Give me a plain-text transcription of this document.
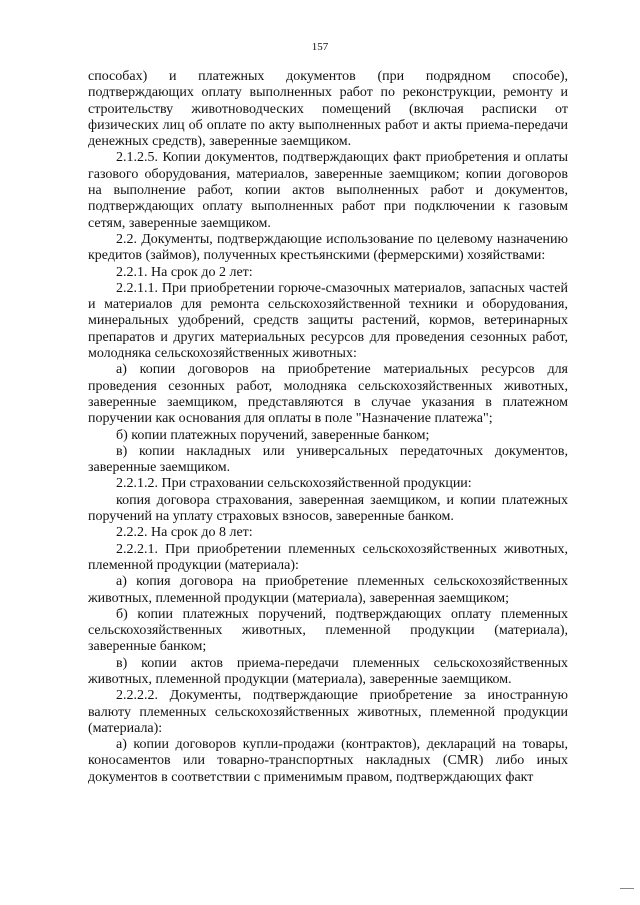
157

способах) и платежных документов (при подрядном способе), подтверждающих оплату выполненных работ по реконструкции, ремонту и строительству животноводческих помещений (включая расписки от физических лиц об оплате по акту выполненных работ и акты приема-передачи денежных средств), заверенные заемщиком.

2.1.2.5. Копии документов, подтверждающих факт приобретения и оплаты газового оборудования, материалов, заверенные заемщиком; копии договоров на выполнение работ, копии актов выполненных работ и документов, подтверждающих оплату выполненных работ при подключении к газовым сетям, заверенные заемщиком.

2.2. Документы, подтверждающие использование по целевому назначению кредитов (займов), полученных крестьянскими (фермерскими) хозяйствами:

2.2.1. На срок до 2 лет:

2.2.1.1. При приобретении горюче-смазочных материалов, запасных частей и материалов для ремонта сельскохозяйственной техники и оборудования, минеральных удобрений, средств защиты растений, кормов, ветеринарных препаратов и других материальных ресурсов для проведения сезонных работ, молодняка сельскохозяйственных животных:

а) копии договоров на приобретение материальных ресурсов для проведения сезонных работ, молодняка сельскохозяйственных животных, заверенные заемщиком, представляются в случае указания в платежном поручении как основания для оплаты в поле "Назначение платежа";

б) копии платежных поручений, заверенные банком;

в) копии накладных или универсальных передаточных документов, заверенные заемщиком.

2.2.1.2. При страховании сельскохозяйственной продукции:

копия договора страхования, заверенная заемщиком, и копии платежных поручений на уплату страховых взносов, заверенные банком.

2.2.2. На срок до 8 лет:

2.2.2.1. При приобретении племенных сельскохозяйственных животных, племенной продукции (материала):

а) копия договора на приобретение племенных сельскохозяйственных животных, племенной продукции (материала), заверенная заемщиком;

б) копии платежных поручений, подтверждающих оплату племенных сельскохозяйственных животных, племенной продукции (материала), заверенные банком;

в) копии актов приема-передачи племенных сельскохозяйственных животных, племенной продукции (материала), заверенные заемщиком.

2.2.2.2. Документы, подтверждающие приобретение за иностранную валюту племенных сельскохозяйственных животных, племенной продукции (материала):

а) копии договоров купли-продажи (контрактов), деклараций на товары, коносаментов или товарно-транспортных накладных (CMR) либо иных документов в соответствии с применимым правом, подтверждающих факт
